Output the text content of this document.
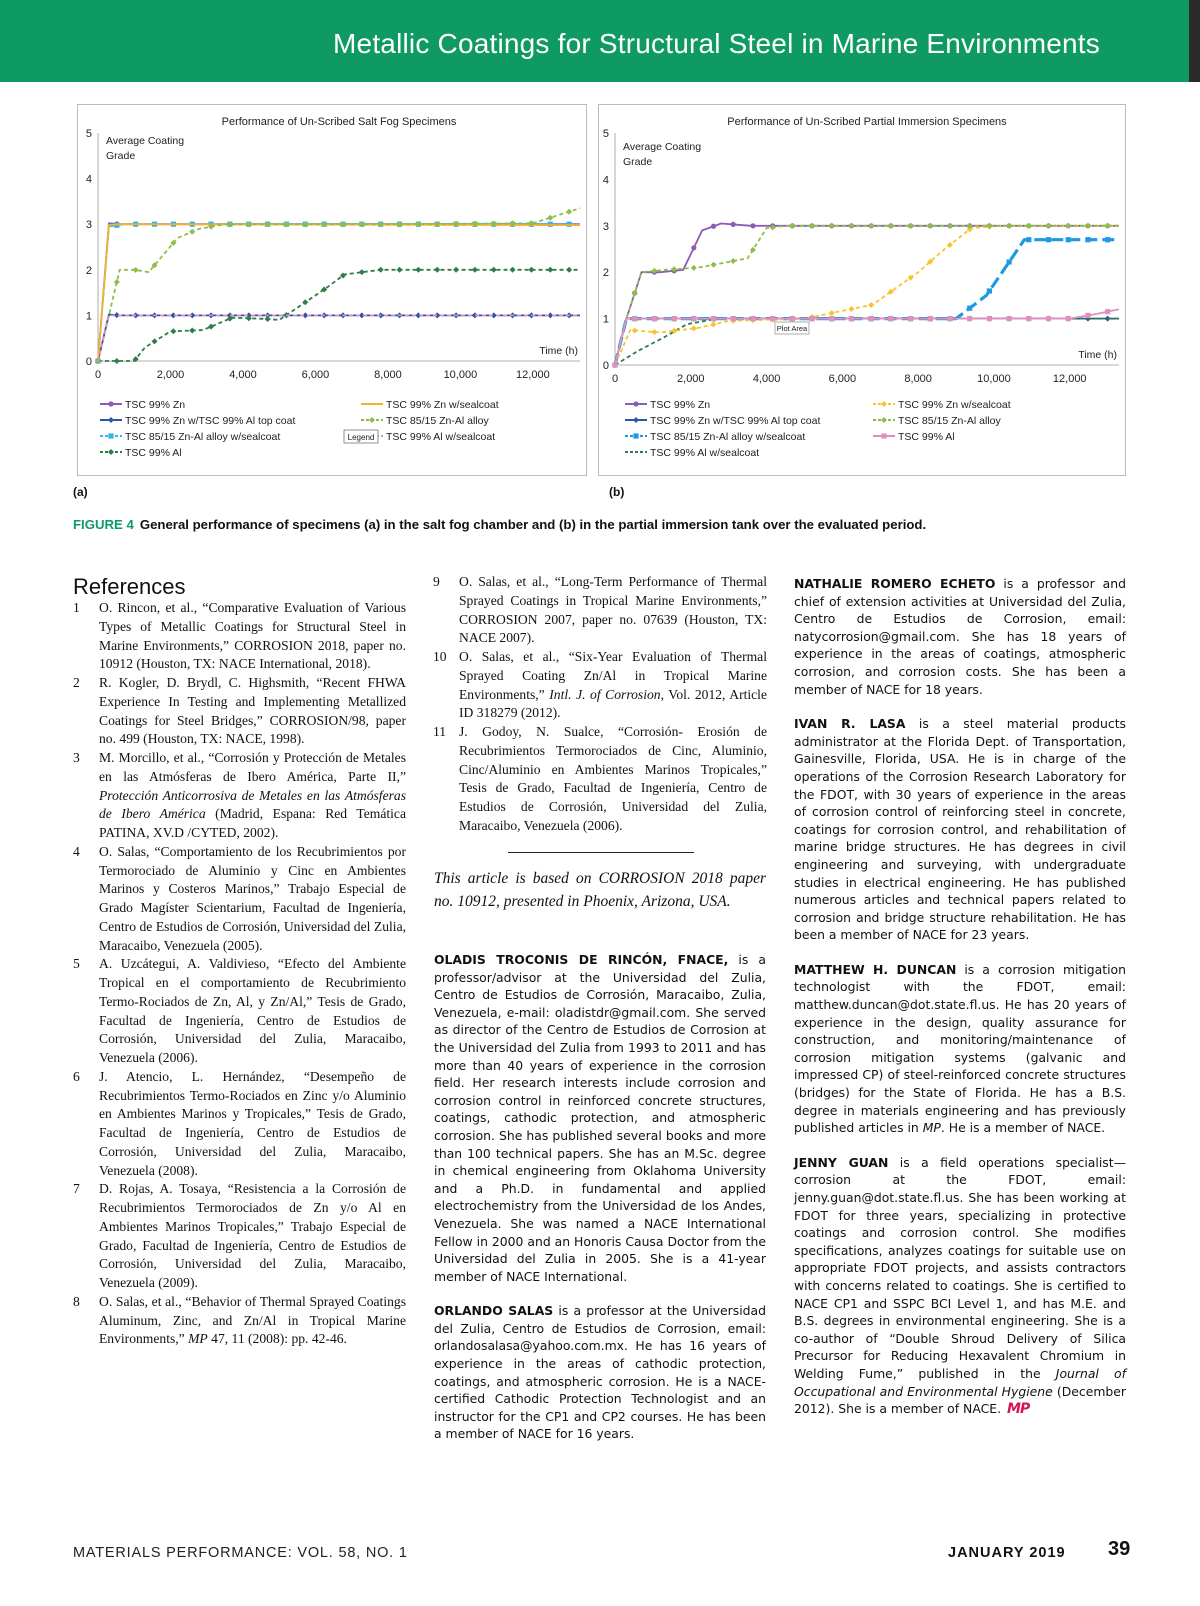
Metallic Coatings for Structural Steel in Marine Environments
Performance of Un-Scribed Salt Fog Specimens
Average Coating
Grade
0
1
2
3
4
5
0	2,000	4,000	6,000	8,000	10,000	12,000
Time (h)
TSC 99% Zn	TSC 99% Zn w/sealcoat
TSC 99% Zn w/TSC 99% Al top coat	TSC 85/15 Zn-Al alloy
TSC 85/15 Zn-Al alloy w/sealcoat	TSC 99% Al w/sealcoat
TSC 99% Al
Legend
Performance of Un-Scribed Partial Immersion Specimens
Average Coating
Grade
0
1
2
3
4
5
0	2,000	4,000	6,000	8,000	10,000	12,000
Time (h)
TSC 99% Zn	TSC 99% Zn w/sealcoat
TSC 99% Zn w/TSC 99% Al top coat	TSC 85/15 Zn-Al alloy
TSC 85/15 Zn-Al alloy w/sealcoat	TSC 99% Al
TSC 99% Al w/sealcoat
Plot Area
(a)	(b)
FIGURE 4 General performance of specimens (a) in the salt fog chamber and (b) in the partial immersion tank over the evaluated period.
References
1	O. Rincon, et al., “Comparative Evaluation of Various Types of Metallic Coatings for Structural Steel in Marine Environments,” CORROSION 2018, paper no. 10912 (Houston, TX: NACE International, 2018).
2	R. Kogler, D. Brydl, C. Highsmith, “Recent FHWA Experience In Testing and Implementing Metallized Coatings for Steel Bridges,” CORROSION/98, paper no. 499 (Houston, TX: NACE, 1998).
3	M. Morcillo, et al., “Corrosión y Protección de Metales en las Atmósferas de Ibero América, Parte II,” Protección Anticorrosiva de Metales en las Atmósferas de Ibero América (Madrid, Espana: Red Temática PATINA, XV.D /CYTED, 2002).
4	O. Salas, “Comportamiento de los Recubrimientos por Termorociado de Aluminio y Cinc en Ambientes Marinos y Costeros Marinos,” Trabajo Especial de Grado Magíster Scientarium, Facultad de Ingeniería, Centro de Estudios de Corrosión, Universidad del Zulia, Maracaibo, Venezuela (2005).
5	A. Uzcátegui, A. Valdivieso, “Efecto del Ambiente Tropical en el comportamiento de Recubrimiento Termo-Rociados de Zn, Al, y Zn/Al,” Tesis de Grado, Facultad de Ingeniería, Centro de Estudios de Corrosión, Universidad del Zulia, Maracaibo, Venezuela (2006).
6	J. Atencio, L. Hernández, “Desempeño de Recubrimientos Termo-Rociados en Zinc y/o Aluminio en Ambientes Marinos y Tropicales,” Tesis de Grado, Facultad de Ingeniería, Centro de Estudios de Corrosión, Universidad del Zulia, Maracaibo, Venezuela (2008).
7	D. Rojas, A. Tosaya, “Resistencia a la Corrosión de Recubrimientos Termorociados de Zn y/o Al en Ambientes Marinos Tropicales,” Trabajo Especial de Grado, Facultad de Ingeniería, Centro de Estudios de Corrosión, Universidad del Zulia, Maracaibo, Venezuela (2009).
8	O. Salas, et al., “Behavior of Thermal Sprayed Coatings Aluminum, Zinc, and Zn/Al in Tropical Marine Environments,” MP 47, 11 (2008): pp. 42-46.
9	O. Salas, et al., “Long-Term Performance of Thermal Sprayed Coatings in Tropical Marine Environments,” CORROSION 2007, paper no. 07639 (Houston, TX: NACE 2007).
10 O. Salas, et al., “Six-Year Evaluation of Thermal Sprayed Coating Zn/Al in Tropical Marine Environments,” Intl. J. of Corrosion, Vol. 2012, Article ID 318279 (2012).
11 J. Godoy, N. Sualce, “Corrosión- Erosión de Recubrimientos Termorociados de Cinc, Aluminio, Cinc/Aluminio en Ambientes Marinos Tropicales,” Tesis de Grado, Facultad de Ingeniería, Centro de Estudios de Corrosión, Universidad del Zulia, Maracaibo, Venezuela (2006).
This article is based on CORROSION 2018 paper no. 10912, presented in Phoenix, Arizona, USA.
OLADIS TROCONIS DE RINCÓN, FNACE, is a professor/advisor at the Universidad del Zulia, Centro de Estudios de Corrosión, Maracaibo, Zulia, Venezuela, e-mail: oladistdr@gmail.com. She served as director of the Centro de Estudios de Corrosion at the Universidad del Zulia from 1993 to 2011 and has more than 40 years of experience in the corrosion field. Her research interests include corrosion and corrosion control in reinforced concrete structures, coatings, cathodic protection, and atmospheric corrosion. She has published several books and more than 100 technical papers. She has an M.Sc. degree in chemical engineering from Oklahoma University and a Ph.D. in fundamental and applied electrochemistry from the Universidad de los Andes, Venezuela. She was named a NACE International Fellow in 2000 and an Honoris Causa Doctor from the Universidad del Zulia in 2005. She is a 41-year member of NACE International.
ORLANDO SALAS is a professor at the Universidad del Zulia, Centro de Estudios de Corrosion, email: orlandosalasa@yahoo.com.mx. He has 16 years of experience in the areas of cathodic protection, coatings, and atmospheric corrosion. He is a NACE-certified Cathodic Protection Technologist and an instructor for the CP1 and CP2 courses. He has been a member of NACE for 16 years.
NATHALIE ROMERO ECHETO is a professor and chief of extension activities at Universidad del Zulia, Centro de Estudios de Corrosion, email: natycorrosion@gmail.com. She has 18 years of experience in the areas of coatings, atmospheric corrosion, and corrosion costs. She has been a member of NACE for 18 years.
IVAN R. LASA is a steel material products administrator at the Florida Dept. of Transportation, Gainesville, Florida, USA. He is in charge of the operations of the Corrosion Research Laboratory for the FDOT, with 30 years of experience in the areas of corrosion control of reinforcing steel in concrete, coatings for corrosion control, and rehabilitation of marine bridge structures. He has degrees in civil engineering and surveying, with undergraduate studies in electrical engineering. He has published numerous articles and technical papers related to corrosion and bridge structure rehabilitation. He has been a member of NACE for 23 years.
MATTHEW H. DUNCAN is a corrosion mitigation technologist with the FDOT, email: matthew.duncan@dot.state.fl.us. He has 20 years of experience in the design, quality assurance for construction, and monitoring/maintenance of corrosion mitigation systems (galvanic and impressed CP) of steel-reinforced concrete structures (bridges) for the State of Florida. He has a B.S. degree in materials engineering and has previously published articles in MP. He is a member of NACE.
JENNY GUAN is a field operations specialist—corrosion at the FDOT, email: jenny.guan@dot.state.fl.us. She has been working at FDOT for three years, specializing in protective coatings and corrosion control. She modifies specifications, analyzes coatings for suitable use on appropriate FDOT projects, and assists contractors with concerns related to coatings. She is certified to NACE CP1 and SSPC BCI Level 1, and has M.E. and B.S. degrees in environmental engineering. She is a co-author of “Double Shroud Delivery of Silica Precursor for Reducing Hexavalent Chromium in Welding Fume,” published in the Journal of Occupational and Environmental Hygiene (December 2012). She is a member of NACE. MP
MATERIALS PERFORMANCE: VOL. 58, NO. 1	JANUARY 2019 39
